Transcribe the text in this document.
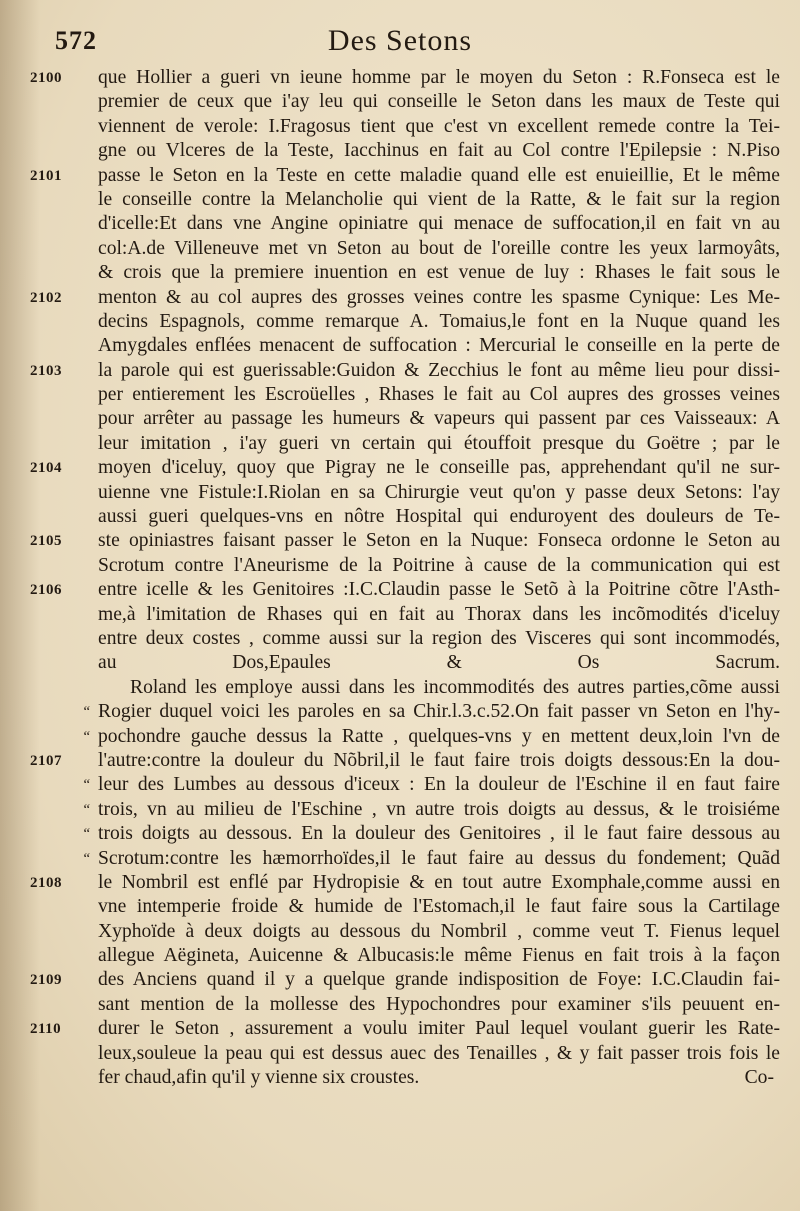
572	Des Setons
2100	que Hollier a gueri vn ieune homme par le moyen du Seton : R.Fonseca est le
premier de ceux que i'ay leu qui conseille le Seton dans les maux de Teste qui
viennent de verole: I.Fragosus tient que c'est vn excellent remede contre la Tei-
gne ou Vlceres de la Teste, Iacchinus en fait au Col contre l'Epilepsie : N.Piso
2101	passe le Seton en la Teste en cette maladie quand elle est enuieillie, Et le même
le conseille contre la Melancholie qui vient de la Ratte, & le fait sur la region
d'icelle:Et dans vne Angine opiniatre qui menace de suffocation,il en fait vn au
col:A.de Villeneuve met vn Seton au bout de l'oreille contre les yeux larmoyâts,
& crois que la premiere inuention en est venue de luy : Rhases le fait sous le
2102	menton & au col aupres des grosses veines contre les spasme Cynique: Les Me-
decins Espagnols, comme remarque A. Tomaius,le font en la Nuque quand les
Amygdales enflées menacent de suffocation : Mercurial le conseille en la perte de
2103	la parole qui est guerissable:Guidon & Zecchius le font au même lieu pour dissi-
per entierement les Escroüelles , Rhases le fait au Col aupres des grosses veines
pour arrêter au passage les humeurs & vapeurs qui passent par ces Vaisseaux: A
leur imitation , i'ay gueri vn certain qui étouffoit presque du Goëtre ; par le
2104	moyen d'iceluy, quoy que Pigray ne le conseille pas, apprehendant qu'il ne sur-
uienne vne Fistule:I.Riolan en sa Chirurgie veut qu'on y passe deux Setons: l'ay
aussi gueri quelques-vns en nôtre Hospital qui enduroyent des douleurs de Te-
2105	ste opiniastres faisant passer le Seton en la Nuque: Fonseca ordonne le Seton au
Scrotum contre l'Aneurisme de la Poitrine à cause de la communication qui est
2106	entre icelle & les Genitoires :I.C.Claudin passe le Setõ à la Poitrine cõtre l'Asth-
me,à l'imitation de Rhases qui en fait au Thorax dans les incõmodités d'iceluy
entre deux costes , comme aussi sur la region des Visceres qui sont incommodés,
au Dos,Epaules & Os Sacrum.
Roland les employe aussi dans les incommodités des autres parties,cõme aussi
“ Rogier duquel voici les paroles en sa Chir.l.3.c.52.On fait passer vn Seton en l'hy-
“ pochondre gauche dessus la Ratte , quelques-vns y en mettent deux,loin l'vn de
2107	l'autre:contre la douleur du Nõbril,il le faut faire trois doigts dessous:En la dou-
“ leur des Lumbes au dessous d'iceux : En la douleur de l'Eschine il en faut faire
“ trois, vn au milieu de l'Eschine , vn autre trois doigts au dessus, & le troisiéme
“ trois doigts au dessous. En la douleur des Genitoires , il le faut faire dessous au
“ Scrotum:contre les hæmorrhoïdes,il le faut faire au dessus du fondement; Quãd
2108	le Nombril est enflé par Hydropisie & en tout autre Exomphale,comme aussi en
vne intemperie froide & humide de l'Estomach,il le faut faire sous la Cartilage
Xyphoïde à deux doigts au dessous du Nombril , comme veut T. Fienus lequel
allegue Aëgineta, Auicenne & Albucasis:le même Fienus en fait trois à la façon
2109	des Anciens quand il y a quelque grande indisposition de Foye: I.C.Claudin fai-
sant mention de la mollesse des Hypochondres pour examiner s'ils peuuent en-
2110	durer le Seton , assurement a voulu imiter Paul lequel voulant guerir les Rate-
leux,souleue la peau qui est dessus auec des Tenailles , & y fait passer trois fois le
fer chaud,afin qu'il y vienne six croustes.	Co-
